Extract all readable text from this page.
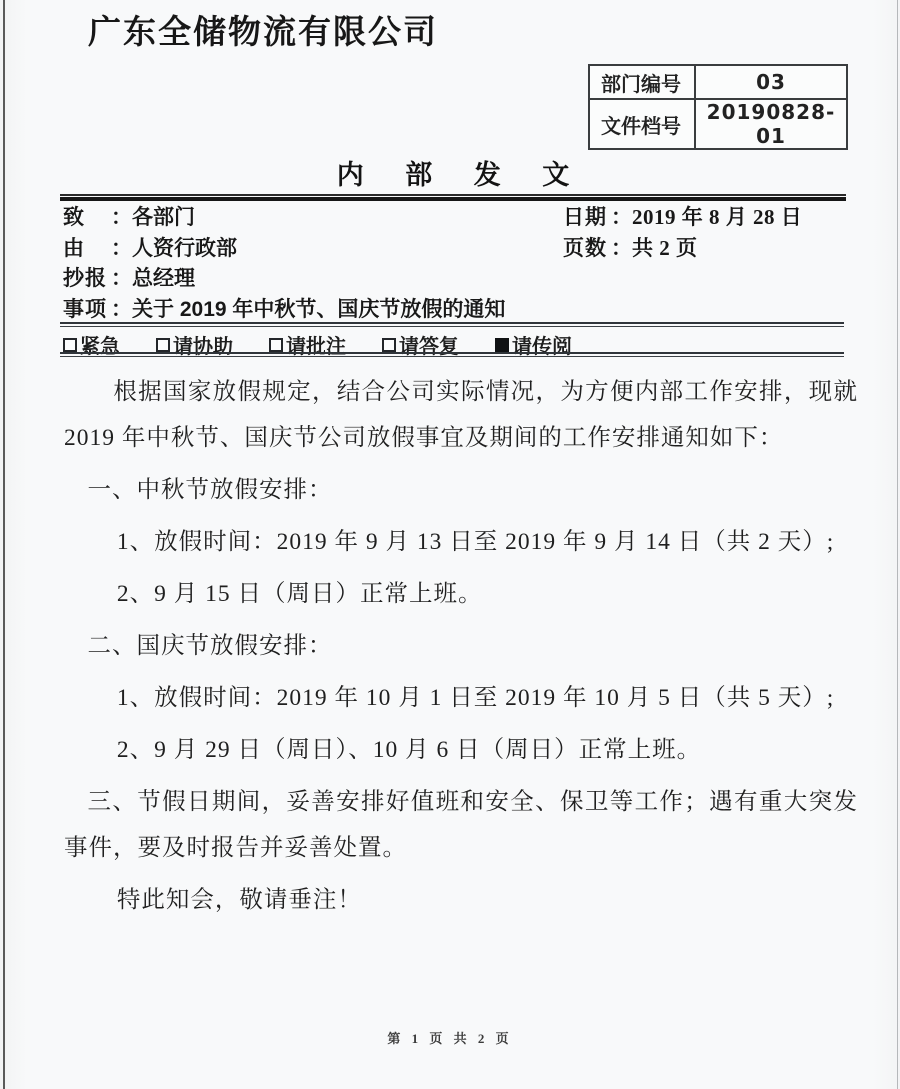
广东全储物流有限公司
部门编号	03
文件档号	20190828-01
内 部 发 文
致 ：各部门
由 ：人资行政部
抄报 ：总经理
事项 ：关于 2019 年中秋节、国庆节放假的通知
日期 ：2019 年 8 月 28 日
页数 ：共 2 页
紧急	请协助	请批注	请答复	请传阅

根据国家放假规定，结合公司实际情况，为方便内部工作安排，现就 2019 年中秋节、国庆节公司放假事宜及期间的工作安排通知如下：

一、中秋节放假安排：

1、放假时间：2019 年 9 月 13 日至 2019 年 9 月 14 日（共 2 天）;

2、9 月 15 日（周日）正常上班。

二、国庆节放假安排：

1、放假时间：2019 年 10 月 1 日至 2019 年 10 月 5 日（共 5 天）;

2、9 月 29 日（周日）、10 月 6 日（周日）正常上班。

三、节假日期间，妥善安排好值班和安全、保卫等工作；遇有重大突发事件，要及时报告并妥善处置。

特此知会，敬请垂注！

第 1 页 共 2 页
